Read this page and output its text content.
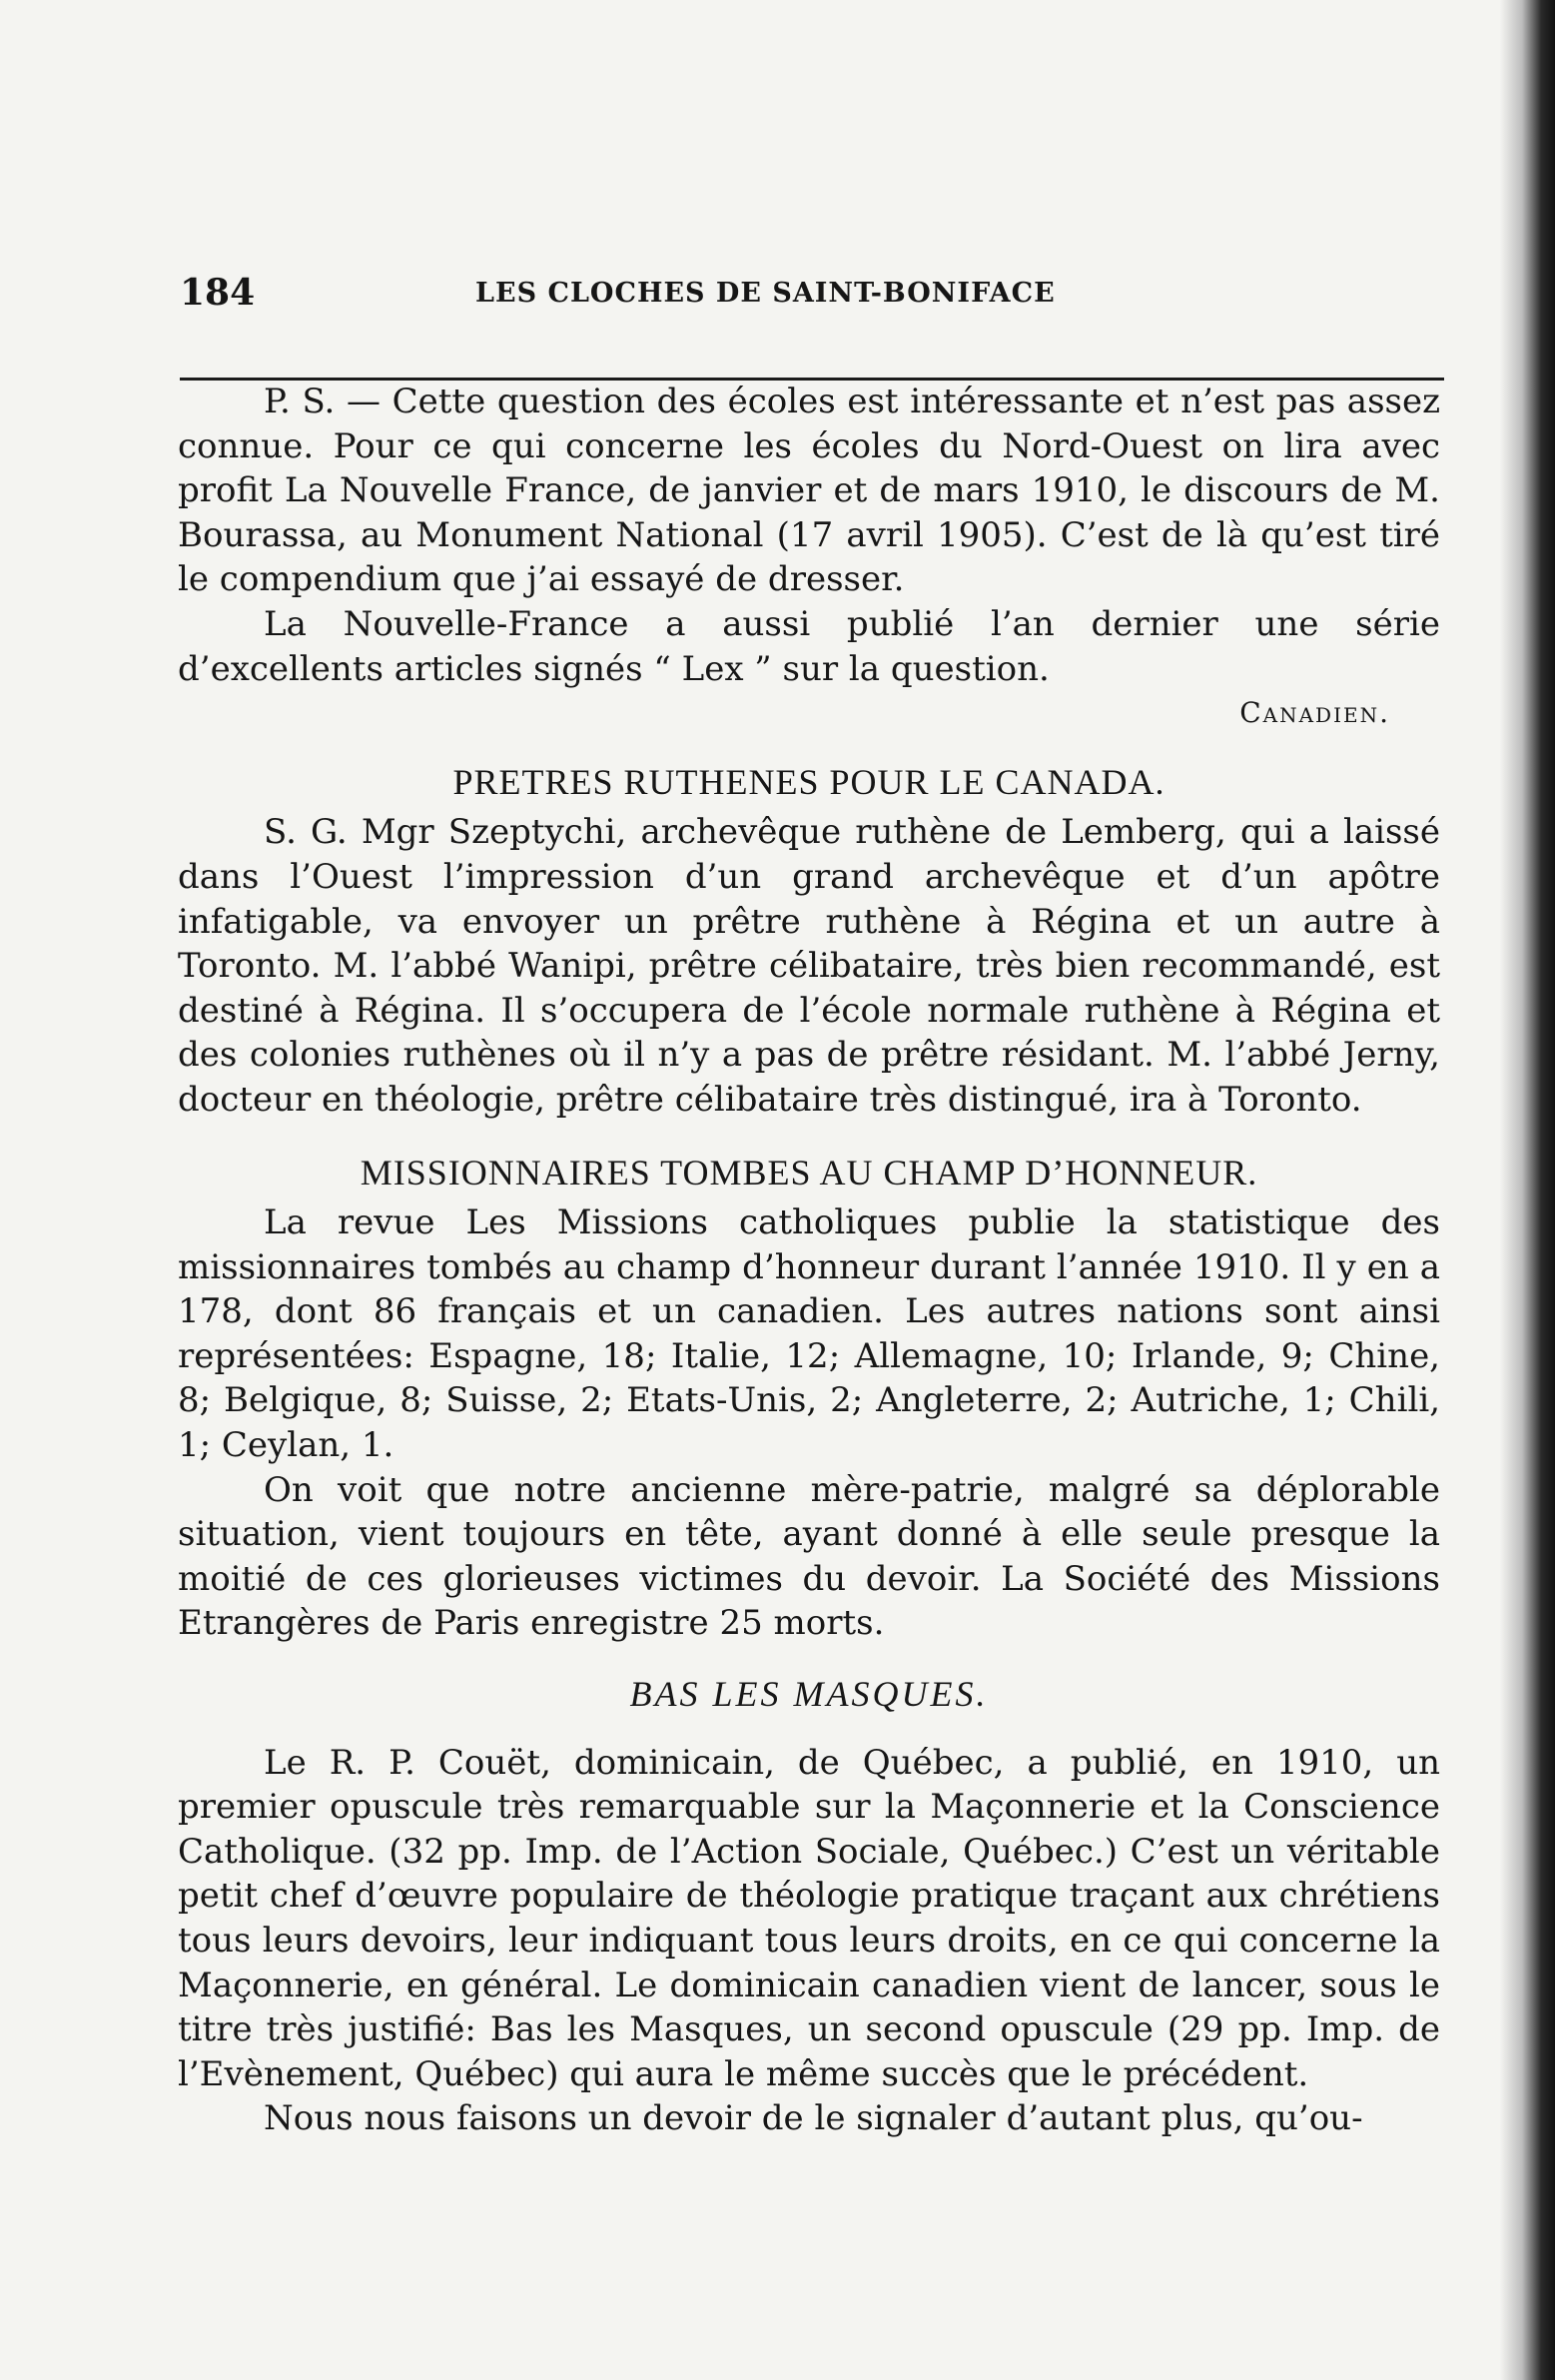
184	LES CLOCHES DE SAINT-BONIFACE

P. S. — Cette question des écoles est intéressante et n’est pas assez connue. Pour ce qui concerne les écoles du Nord-Ouest on lira avec profit La Nouvelle France, de janvier et de mars 1910, le discours de M. Bourassa, au Monument National (17 avril 1905). C’est de là qu’est tiré le compendium que j’ai essayé de dresser.

La Nouvelle-France a aussi publié l’an dernier une série d’excellents articles signés “ Lex ” sur la question.

Canadien.

PRETRES RUTHENES POUR LE CANADA.

S. G. Mgr Szeptychi, archevêque ruthène de Lemberg, qui a laissé dans l’Ouest l’impression d’un grand archevêque et d’un apôtre infatigable, va envoyer un prêtre ruthène à Régina et un autre à Toronto. M. l’abbé Wanipi, prêtre célibataire, très bien recommandé, est destiné à Régina. Il s’occupera de l’école normale ruthène à Régina et des colonies ruthènes où il n’y a pas de prêtre résidant. M. l’abbé Jerny, docteur en théologie, prêtre célibataire très distingué, ira à Toronto.

MISSIONNAIRES TOMBES AU CHAMP D’HONNEUR.

La revue Les Missions catholiques publie la statistique des missionnaires tombés au champ d’honneur durant l’année 1910. Il y en a 178, dont 86 français et un canadien. Les autres nations sont ainsi représentées: Espagne, 18; Italie, 12; Allemagne, 10; Irlande, 9; Chine, 8; Belgique, 8; Suisse, 2; Etats-Unis, 2; Angleterre, 2; Autriche, 1; Chili, 1; Ceylan, 1.

On voit que notre ancienne mère-patrie, malgré sa déplorable situation, vient toujours en tête, ayant donné à elle seule presque la moitié de ces glorieuses victimes du devoir. La Société des Missions Etrangères de Paris enregistre 25 morts.

BAS LES MASQUES.

Le R. P. Couët, dominicain, de Québec, a publié, en 1910, un premier opuscule très remarquable sur la Maçonnerie et la Conscience Catholique. (32 pp. Imp. de l’Action Sociale, Québec.) C’est un véritable petit chef d’œuvre populaire de théologie pratique traçant aux chrétiens tous leurs devoirs, leur indiquant tous leurs droits, en ce qui concerne la Maçonnerie, en général. Le dominicain canadien vient de lancer, sous le titre très justifié: Bas les Masques, un second opuscule (29 pp. Imp. de l’Evènement, Québec) qui aura le même succès que le précédent.

Nous nous faisons un devoir de le signaler d’autant plus, qu’ou-
